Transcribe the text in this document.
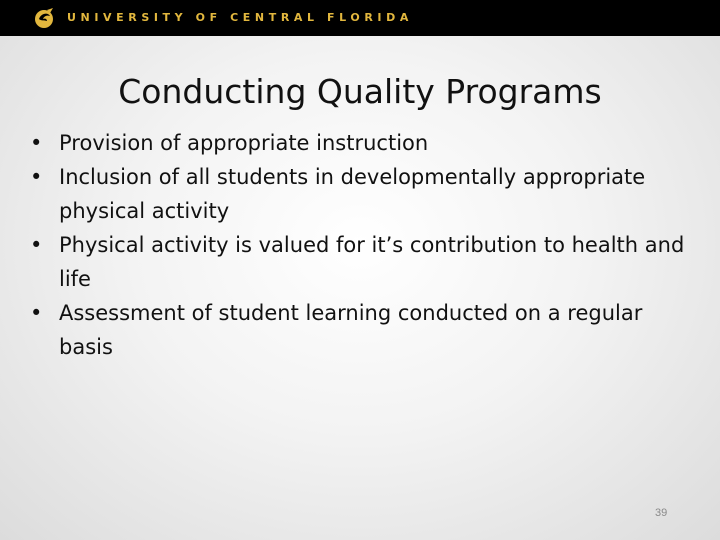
UNIVERSITY OF CENTRAL FLORIDA
Conducting Quality Programs
• Provision of appropriate instruction
• Inclusion of all students in developmentally appropriate physical activity
• Physical activity is valued for it’s contribution to health and life
• Assessment of student learning conducted on a regular basis
39
